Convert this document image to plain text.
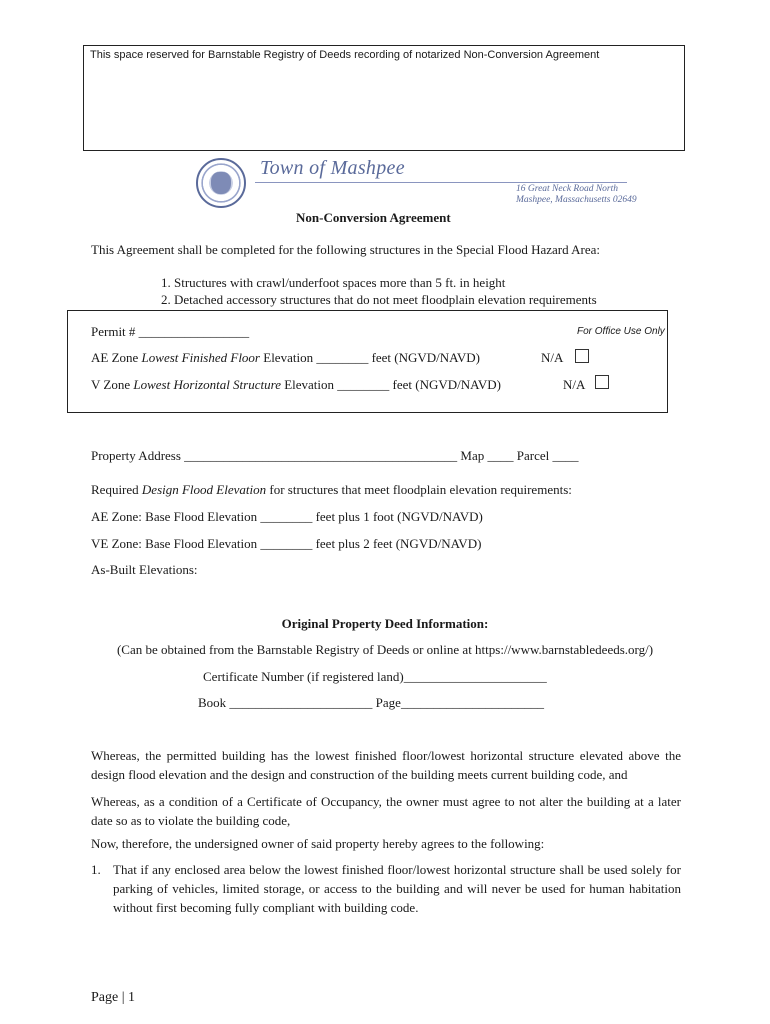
This space reserved for Barnstable Registry of Deeds recording of notarized Non-Conversion Agreement
Town of Mashpee
16 Great Neck Road North
Mashpee, Massachusetts 02649
Non-Conversion Agreement
This Agreement shall be completed for the following structures in the Special Flood Hazard Area:
1. Structures with crawl/underfoot spaces more than 5 ft. in height
2. Detached accessory structures that do not meet floodplain elevation requirements
Permit # _________________	For Office Use Only
AE Zone Lowest Finished Floor Elevation ________ feet (NGVD/NAVD)	N/A
V Zone Lowest Horizontal Structure Elevation ________ feet (NGVD/NAVD)	N/A
Property Address __________________________________________ Map ____ Parcel ____
Required Design Flood Elevation for structures that meet floodplain elevation requirements:
AE Zone: Base Flood Elevation ________ feet plus 1 foot (NGVD/NAVD)
VE Zone: Base Flood Elevation ________ feet plus 2 feet (NGVD/NAVD)
As-Built Elevations:
Original Property Deed Information:
(Can be obtained from the Barnstable Registry of Deeds or online at https://www.barnstabledeeds.org/)
Certificate Number (if registered land)______________________
Book ______________________ Page______________________
Whereas, the permitted building has the lowest finished floor/lowest horizontal structure elevated above the design flood elevation and the design and construction of the building meets current building code, and
Whereas, as a condition of a Certificate of Occupancy, the owner must agree to not alter the building at a later date so as to violate the building code,
Now, therefore, the undersigned owner of said property hereby agrees to the following:
1. That if any enclosed area below the lowest finished floor/lowest horizontal structure shall be used solely for parking of vehicles, limited storage, or access to the building and will never be used for human habitation without first becoming fully compliant with building code.
Page | 1
